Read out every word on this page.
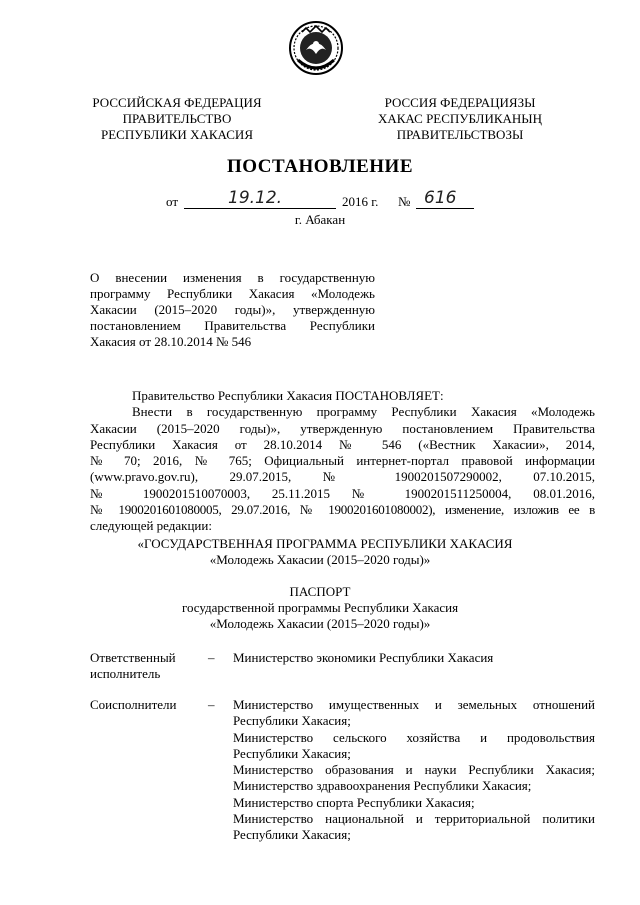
РОССИЙСКАЯ ФЕДЕРАЦИЯ
ПРАВИТЕЛЬСТВО
РЕСПУБЛИКИ ХАКАСИЯ
РОССИЯ ФЕДЕРАЦИЯЗЫ
ХАКАС РЕСПУБЛИКАНЫҢ
ПРАВИТЕЛЬСТВОЗЫ
ПОСТАНОВЛЕНИЕ
от	19.12.	2016 г. № 616
г. Абакан
О внесении изменения в государственную
программу Республики Хакасия «Молодежь
Хакасии (2015–2020 годы)», утвержденную
постановлением Правительства Республики
Хакасия от 28.10.2014 № 546
Правительство Республики Хакасия ПОСТАНОВЛЯЕТ:
Внести в государственную программу Республики Хакасия «Молодежь
Хакасии (2015–2020 годы)», утвержденную постановлением Правительства
Республики Хакасия от 28.10.2014 № 546 («Вестник Хакасии», 2014,
№ 70; 2016, № 765; Официальный интернет-портал правовой информации
(www.pravo.gov.ru), 29.07.2015, № 1900201507290002, 07.10.2015,
№ 1900201510070003, 25.11.2015 № 1900201511250004, 08.01.2016,
№ 1900201601080005, 29.07.2016, № 1900201601080002), изменение, изложив ее в
следующей редакции:
«ГОСУДАРСТВЕННАЯ ПРОГРАММА РЕСПУБЛИКИ ХАКАСИЯ
«Молодежь Хакасии (2015–2020 годы)»
ПАСПОРТ
государственной программы Республики Хакасия
«Молодежь Хакасии (2015–2020 годы)»
Ответственный
исполнитель
– Министерство экономики Республики Хакасия
Соисполнители	– Министерство имущественных и земельных отношений
Республики Хакасия;
Министерство сельского хозяйства и продовольствия
Республики Хакасия;
Министерство образования и науки Республики Хакасия;
Министерство здравоохранения Республики Хакасия;
Министерство спорта Республики Хакасия;
Министерство национальной и территориальной политики
Республики Хакасия;
